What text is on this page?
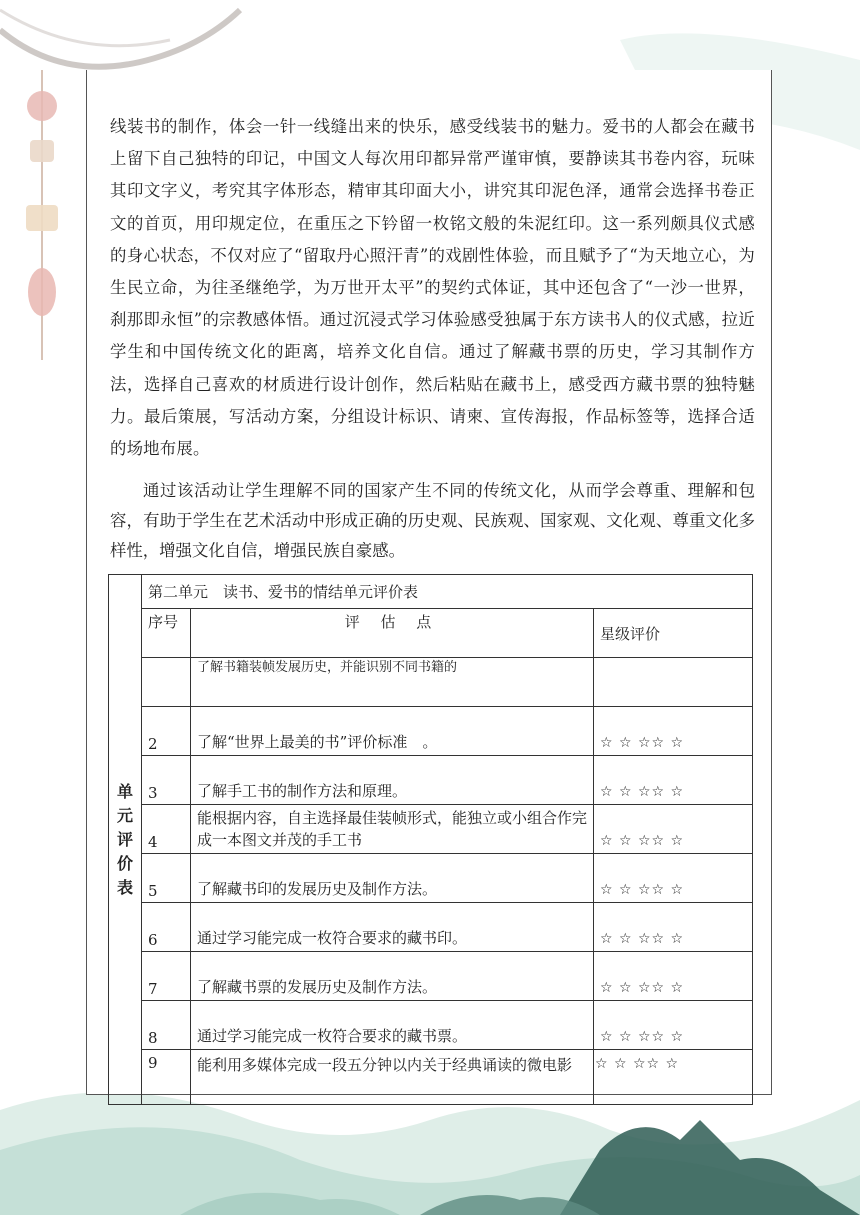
线装书的制作，体会一针一线缝出来的快乐，感受线装书的魅力。爱书的人都会在藏书上留下自己独特的印记，中国文人每次用印都异常严谨审慎，要静读其书卷内容，玩味其印文字义，考究其字体形态，精审其印面大小，讲究其印泥色泽，通常会选择书卷正文的首页，用印规定位，在重压之下钤留一枚铭文般的朱泥红印。这一系列颇具仪式感的身心状态，不仅对应了“留取丹心照汗青”的戏剧性体验，而且赋予了“为天地立心，为生民立命，为往圣继绝学，为万世开太平”的契约式体证，其中还包含了“一沙一世界，刹那即永恒”的宗教感体悟。通过沉浸式学习体验感受独属于东方读书人的仪式感，拉近学生和中国传统文化的距离，培养文化自信。通过了解藏书票的历史，学习其制作方法，选择自己喜欢的材质进行设计创作，然后粘贴在藏书上，感受西方藏书票的独特魅力。最后策展，写活动方案，分组设计标识、请柬、宣传海报，作品标签等，选择合适的场地布展。
通过该活动让学生理解不同的国家产生不同的传统文化，从而学会尊重、理解和包容，有助于学生在艺术活动中形成正确的历史观、民族观、国家观、文化观、尊重文化多样性，增强文化自信，增强民族自豪感。
单
元
评
价
表	第二单元　读书、爱书的情结单元评价表		
	序号	评 估 点	星级评价
		了解书籍装帧发展历史，并能识别不同书籍的	
	2	了解“世界上最美的书”评价标准　。	☆ ☆ ☆☆ ☆
	3	了解手工书的制作方法和原理。	☆ ☆ ☆☆ ☆
	4	能根据内容，自主选择最佳装帧形式，能独立或小组合作完成一本图文并茂的手工书	☆ ☆ ☆☆ ☆
	5	了解藏书印的发展历史及制作方法。	☆ ☆ ☆☆ ☆
	6	通过学习能完成一枚符合要求的藏书印。	☆ ☆ ☆☆ ☆
	7	了解藏书票的发展历史及制作方法。	☆ ☆ ☆☆ ☆
	8	通过学习能完成一枚符合要求的藏书票。	☆ ☆ ☆☆ ☆
	9	能利用多媒体完成一段五分钟以内关于经典诵读的微电影	☆ ☆ ☆☆ ☆
